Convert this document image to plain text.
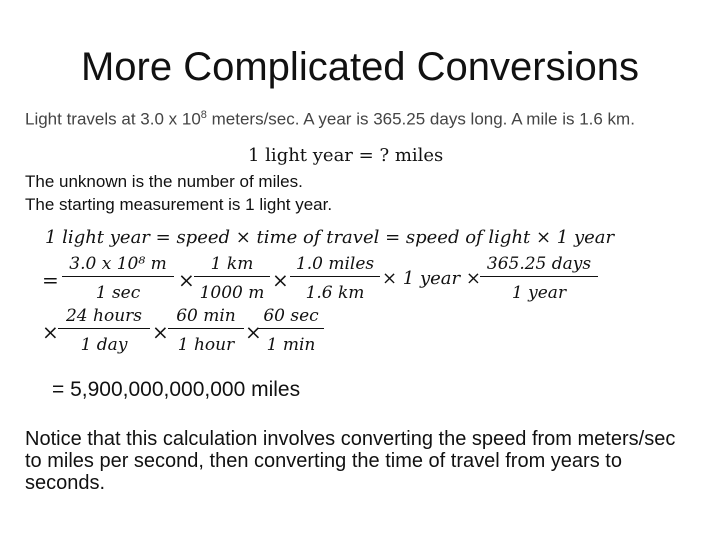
More Complicated Conversions
Light travels at 3.0 x $10^8$ meters/sec. A year is 365.25 days long. A mile is 1.6 km.
1 light year = ? miles
The unknown is the number of miles.
The starting measurement is 1 light year.
1 light year = speed × time of travel = speed of light × 1 year
=
3.0 x 10⁸ m
1 sec
× $\frac{1 km}{1000 m}$ ×
1.0 miles
1.6 km
× 1 year ×
365.25 days
1 year
×
24 hours
1 day
×
60 min
1 hour
×
60 sec
1 min
= 5,900,000,000,000 miles
Notice that this calculation involves converting the speed from meters/sec to miles per second, then converting the time of travel from years to seconds.
